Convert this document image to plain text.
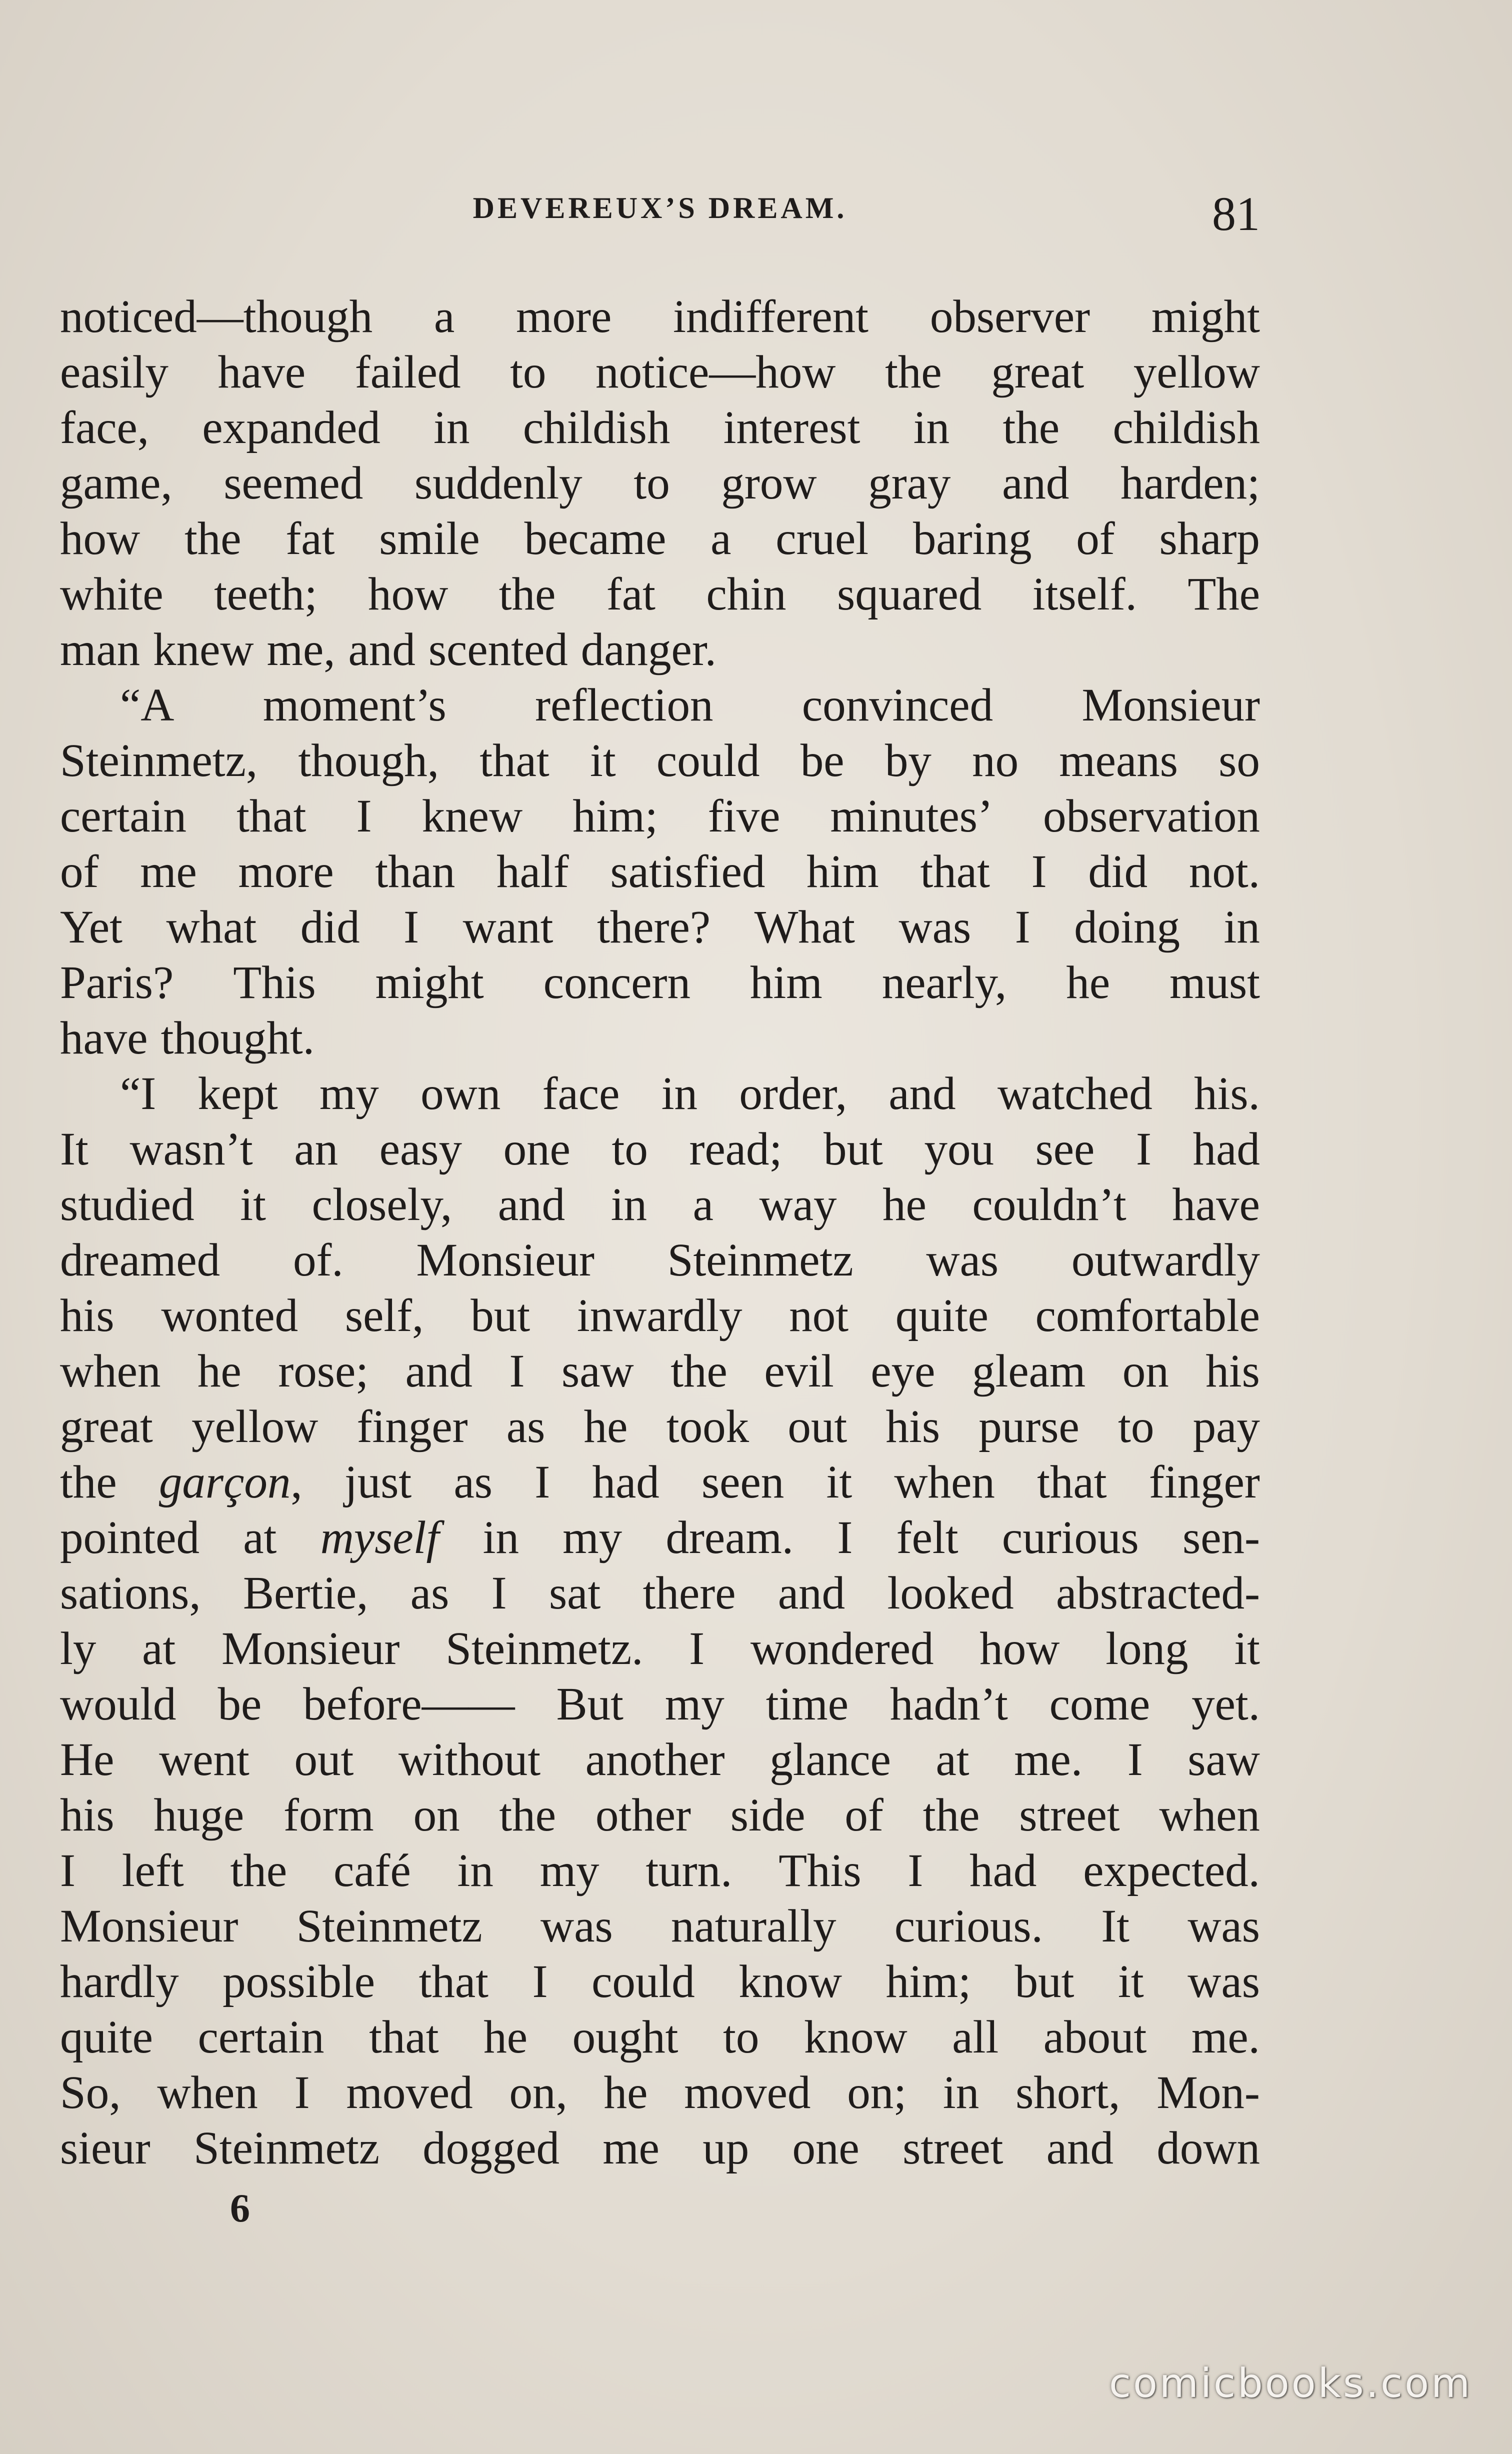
DEVEREUX’S DREAM.	81
noticed—though a more indifferent observer might
easily have failed to notice—how the great yellow
face, expanded in childish interest in the childish
game, seemed suddenly to grow gray and harden;
how the fat smile became a cruel baring of sharp
white teeth; how the fat chin squared itself. The
man knew me, and scented danger.
“A moment’s reflection convinced Monsieur
Steinmetz, though, that it could be by no means so
certain that I knew him; five minutes’ observation
of me more than half satisfied him that I did not.
Yet what did I want there? What was I doing in
Paris? This might concern him nearly, he must
have thought.
“I kept my own face in order, and watched his.
It wasn’t an easy one to read; but you see I had
studied it closely, and in a way he couldn’t have
dreamed of. Monsieur Steinmetz was outwardly
his wonted self, but inwardly not quite comfortable
when he rose; and I saw the evil eye gleam on his
great yellow finger as he took out his purse to pay
the garçon, just as I had seen it when that finger
pointed at myself in my dream. I felt curious sen-
sations, Bertie, as I sat there and looked abstracted-
ly at Monsieur Steinmetz. I wondered how long it
would be before—— But my time hadn’t come yet.
He went out without another glance at me. I saw
his huge form on the other side of the street when
I left the café in my turn. This I had expected.
Monsieur Steinmetz was naturally curious. It was
hardly possible that I could know him; but it was
quite certain that he ought to know all about me.
So, when I moved on, he moved on; in short, Mon-
sieur Steinmetz dogged me up one street and down
6
comicbooks.com
